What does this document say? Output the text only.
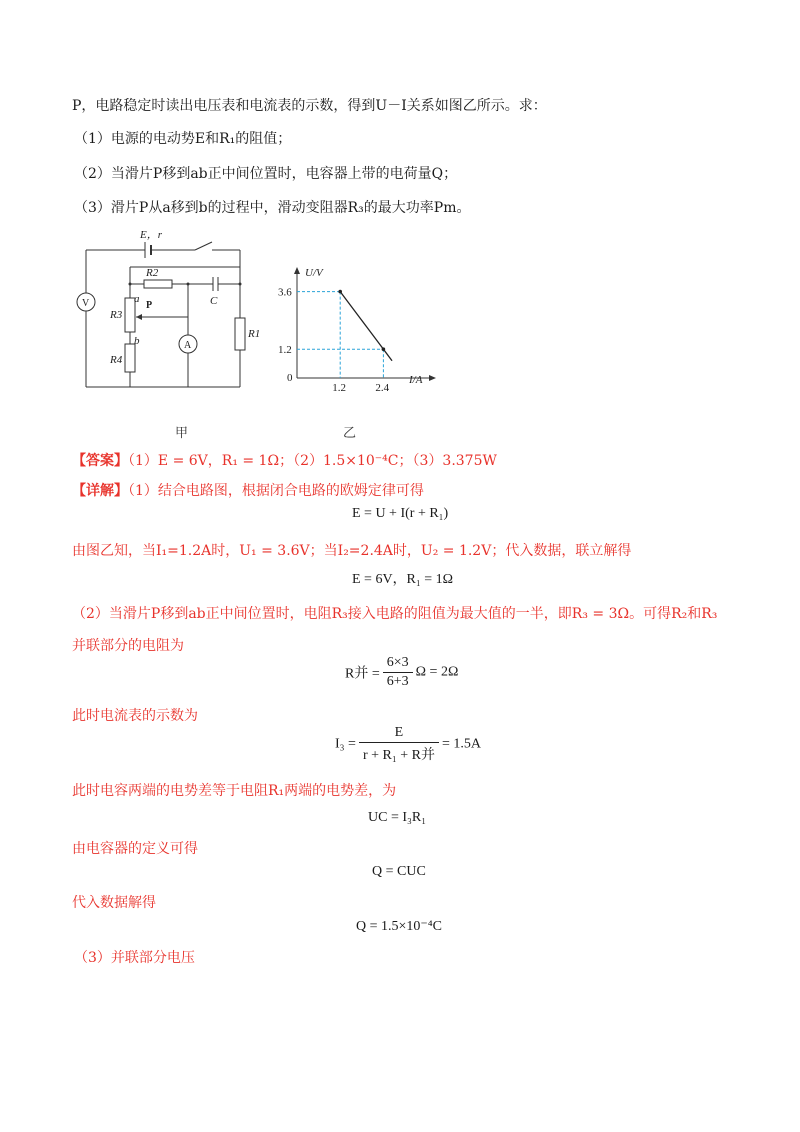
P，电路稳定时读出电压表和电流表的示数，得到U－I关系如图乙所示。求：
（1）电源的电动势E和R₁的阻值；
（2）当滑片P移到ab正中间位置时，电容器上带的电荷量Q；
（3）滑片P从a移到b的过程中，滑动变阻器R₃的最大功率Pm。
E，r
R2
C
a
b
R3
R4
R1
P
V
A
1.2	2.4
3.6
1.2
U/V
I/A
0
甲	乙
【答案】（1）E = 6V，R₁ = 1Ω；（2）1.5×10⁻⁴C；（3）3.375W
【详解】（1）结合电路图，根据闭合电路的欧姆定律可得
E = U + I(r + R₁)
由图乙知，当I₁=1.2A时，U₁ = 3.6V；当I₂=2.4A时，U₂ = 1.2V；代入数据，联立解得
E = 6V，R₁ = 1Ω
（2）当滑片P移到ab正中间位置时，电阻R₃接入电路的阻值为最大值的一半，即R₃ = 3Ω。可得R₂和R₃
并联部分的电阻为
R并 = $\frac{6\times 3}{6+3}$ Ω = 2Ω
此时电流表的示数为
$I_3 = \frac{E}{\text{r + R₁ + R并}} = 1.5A$
此时电容两端的电势差等于电阻R₁两端的电势差，为
UC = I₃R₁
由电容器的定义可得
Q = CUC
代入数据解得
Q = 1.5×10⁻⁴C
（3）并联部分电压
